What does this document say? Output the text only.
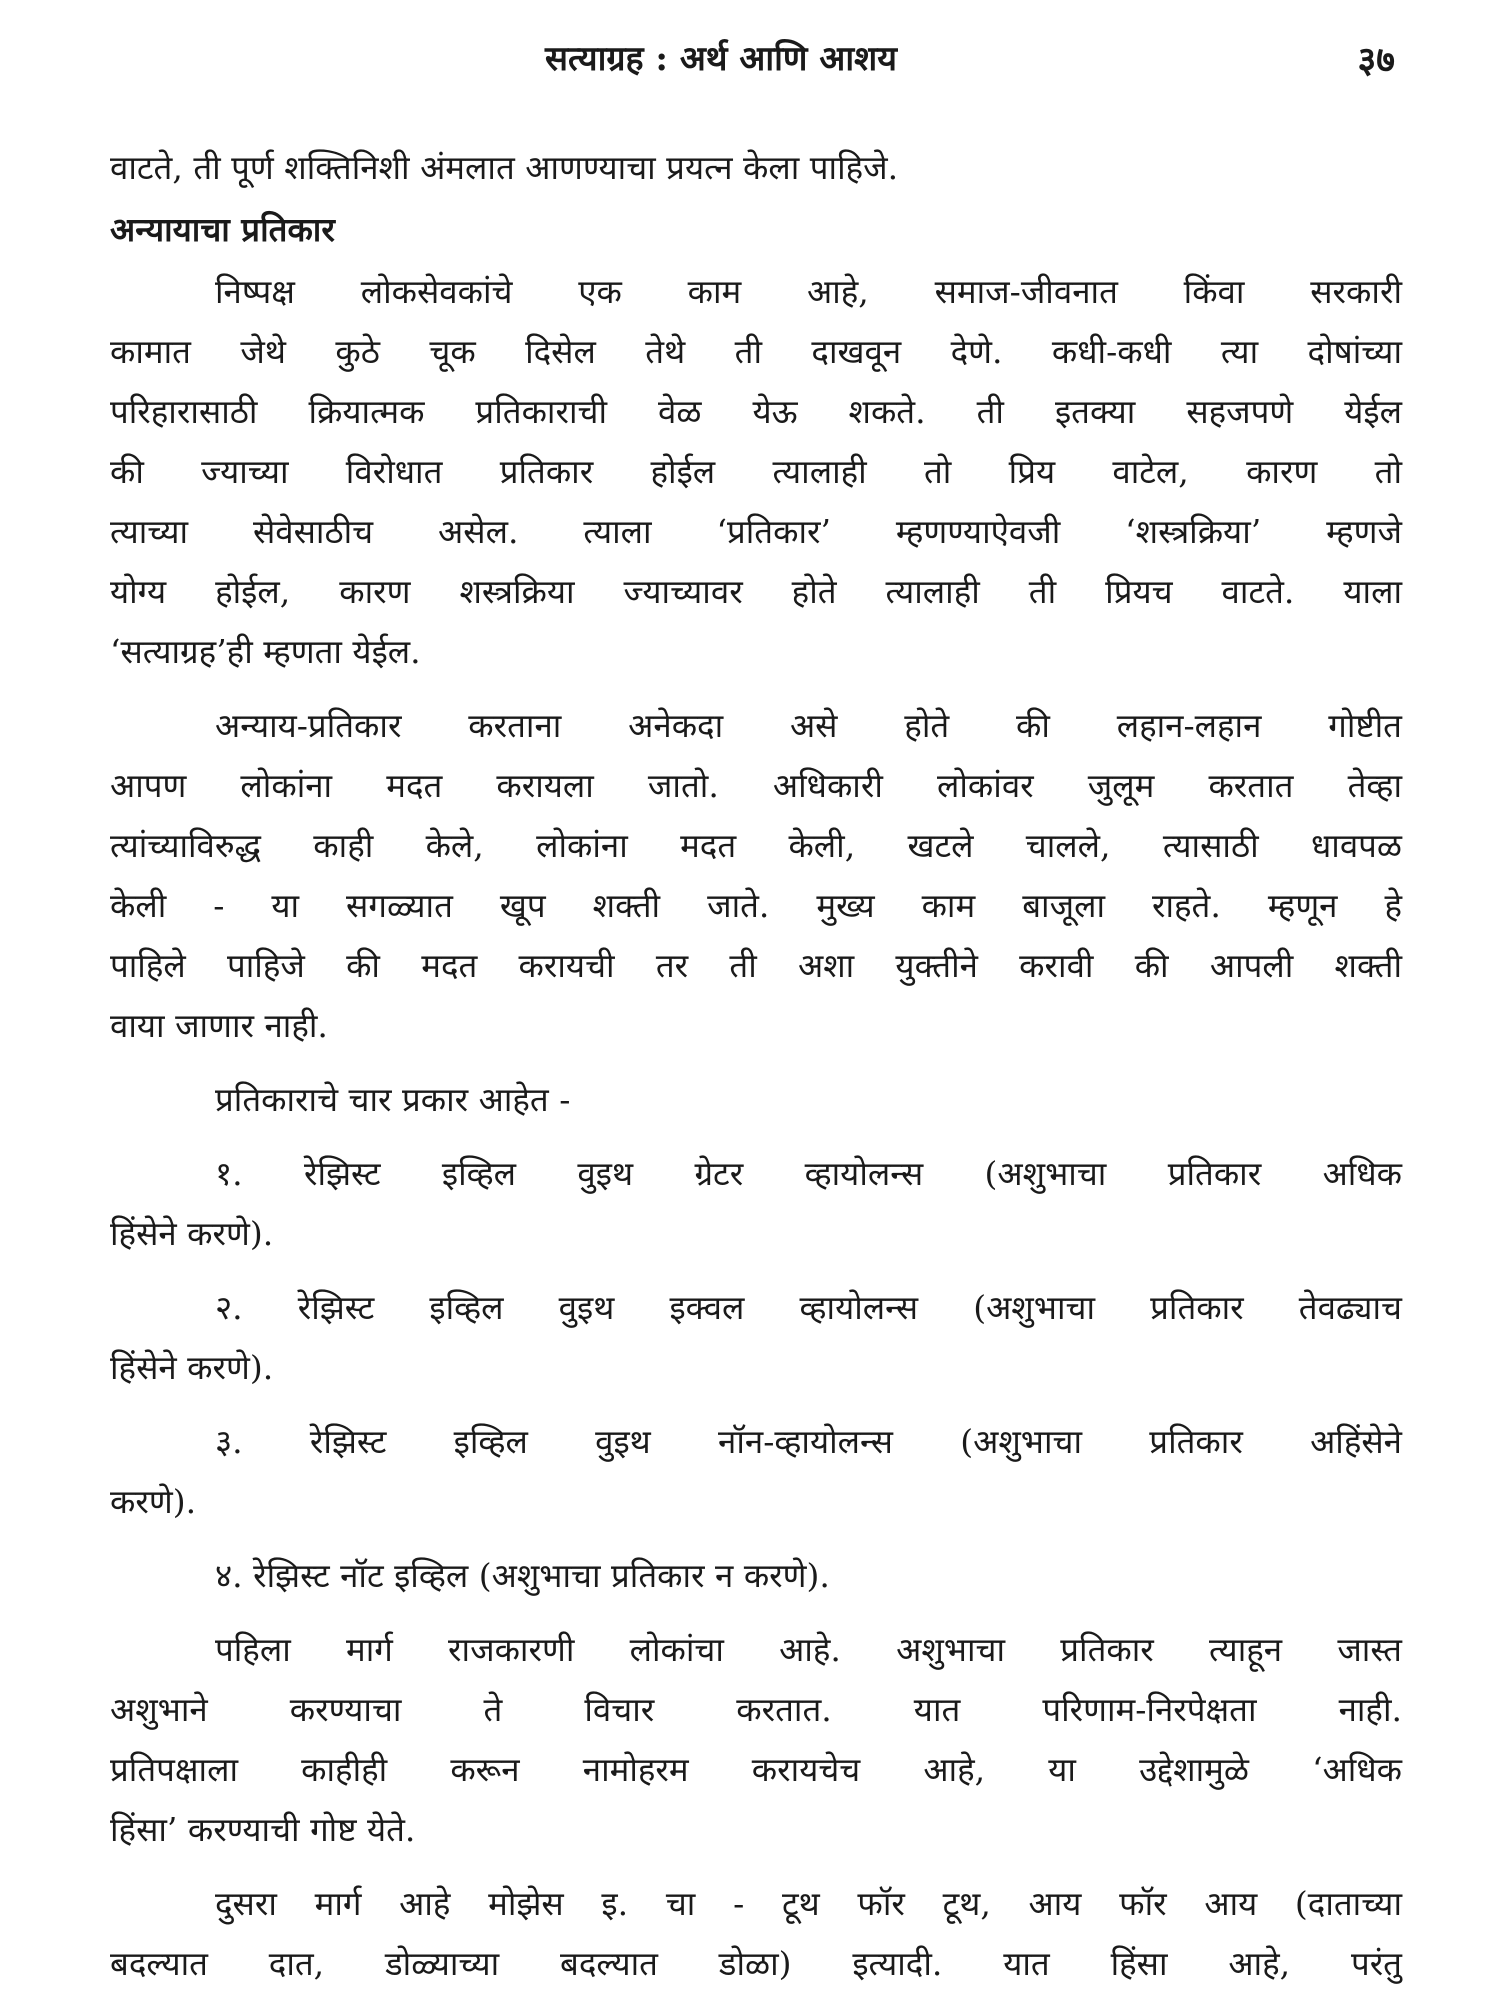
सत्याग्रह : अर्थ आणि आशय	३७
वाटते, ती पूर्ण शक्तिनिशी अंमलात आणण्याचा प्रयत्न केला पाहिजे.
अन्यायाचा प्रतिकार
निष्पक्ष लोकसेवकांचे एक काम आहे, समाज-जीवनात किंवा सरकारी
कामात जेथे कुठे चूक दिसेल तेथे ती दाखवून देणे. कधी-कधी त्या दोषांच्या
परिहारासाठी क्रियात्मक प्रतिकाराची वेळ येऊ शकते. ती इतक्या सहजपणे येईल
की ज्याच्या विरोधात प्रतिकार होईल त्यालाही तो प्रिय वाटेल, कारण तो
त्याच्या सेवेसाठीच असेल. त्याला ‘प्रतिकार’ म्हणण्याऐवजी ‘शस्त्रक्रिया’ म्हणजे
योग्य होईल, कारण शस्त्रक्रिया ज्याच्यावर होते त्यालाही ती प्रियच वाटते. याला
‘सत्याग्रह’ही म्हणता येईल.
अन्याय-प्रतिकार करताना अनेकदा असे होते की लहान-लहान गोष्टीत
आपण लोकांना मदत करायला जातो. अधिकारी लोकांवर जुलूम करतात तेव्हा
त्यांच्याविरुद्ध काही केले, लोकांना मदत केली, खटले चालले, त्यासाठी धावपळ
केली - या सगळ्यात खूप शक्ती जाते. मुख्य काम बाजूला राहते. म्हणून हे
पाहिले पाहिजे की मदत करायची तर ती अशा युक्तीने करावी की आपली शक्ती
वाया जाणार नाही.
प्रतिकाराचे चार प्रकार आहेत -
१. रेझिस्ट इव्हिल वुइथ ग्रेटर व्हायोलन्स (अशुभाचा प्रतिकार अधिक
हिंसेने करणे).
२. रेझिस्ट इव्हिल वुइथ इक्वल व्हायोलन्स (अशुभाचा प्रतिकार तेवढ्याच
हिंसेने करणे).
३. रेझिस्ट इव्हिल वुइथ नॉन-व्हायोलन्स (अशुभाचा प्रतिकार अहिंसेने
करणे).
४. रेझिस्ट नॉट इव्हिल (अशुभाचा प्रतिकार न करणे).
पहिला मार्ग राजकारणी लोकांचा आहे. अशुभाचा प्रतिकार त्याहून जास्त
अशुभाने करण्याचा ते विचार करतात. यात परिणाम-निरपेक्षता नाही.
प्रतिपक्षाला काहीही करून नामोहरम करायचेच आहे, या उद्देशामुळे ‘अधिक
हिंसा’ करण्याची गोष्ट येते.
दुसरा मार्ग आहे मोझेस इ. चा - टूथ फॉर टूथ, आय फॉर आय (दाताच्या
बदल्यात दात, डोळ्याच्या बदल्यात डोळा) इत्यादी. यात हिंसा आहे, परंतु
